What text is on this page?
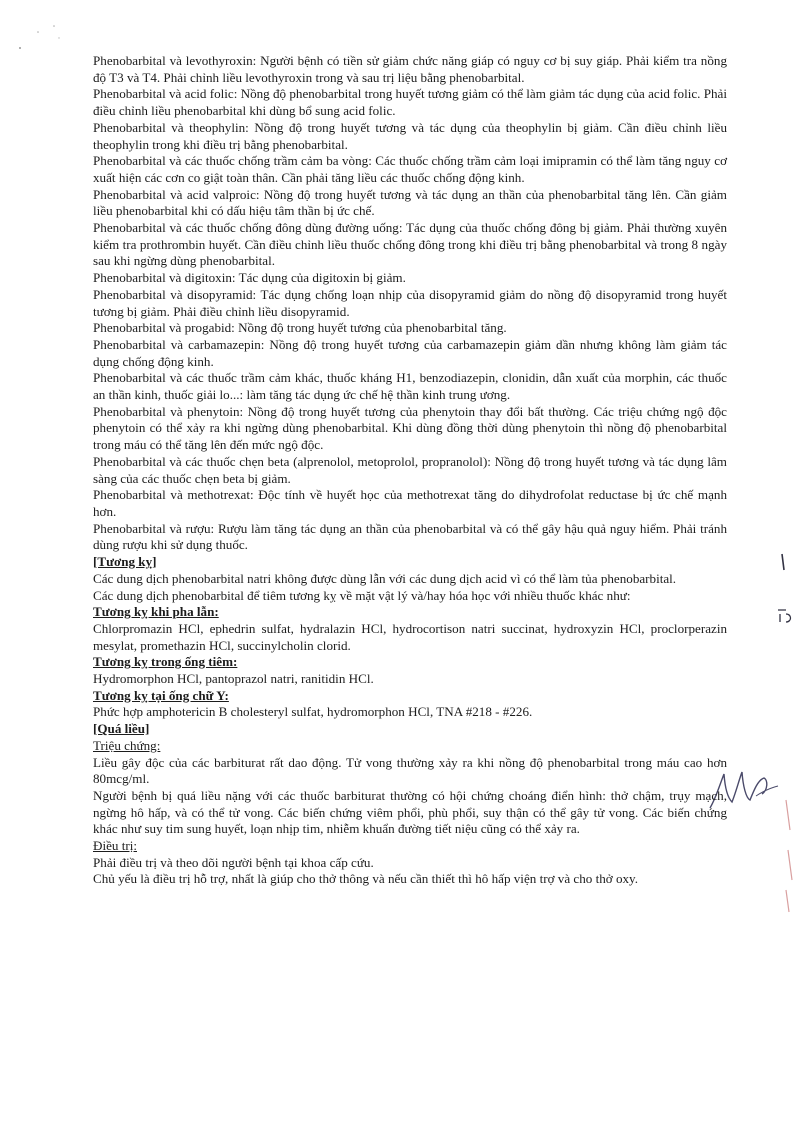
Phenobarbital và levothyroxin: Người bệnh có tiền sử giảm chức năng giáp có nguy cơ bị suy giáp. Phải kiểm tra nồng độ T3 và T4. Phải chỉnh liều levothyroxin trong và sau trị liệu bằng phenobarbital.

Phenobarbital và acid folic: Nồng độ phenobarbital trong huyết tương giảm có thể làm giảm tác dụng của acid folic. Phải điều chỉnh liều phenobarbital khi dùng bổ sung acid folic.

Phenobarbital và theophylin: Nồng độ trong huyết tương và tác dụng của theophylin bị giảm. Cần điều chỉnh liều theophylin trong khi điều trị bằng phenobarbital.

Phenobarbital và các thuốc chống trầm cảm ba vòng: Các thuốc chống trầm cảm loại imipramin có thể làm tăng nguy cơ xuất hiện các cơn co giật toàn thân. Cần phải tăng liều các thuốc chống động kinh.

Phenobarbital và acid valproic: Nồng độ trong huyết tương và tác dụng an thần của phenobarbital tăng lên. Cần giảm liều phenobarbital khi có dấu hiệu tâm thần bị ức chế.

Phenobarbital và các thuốc chống đông dùng đường uống: Tác dụng của thuốc chống đông bị giảm. Phải thường xuyên kiểm tra prothrombin huyết. Cần điều chỉnh liều thuốc chống đông trong khi điều trị bằng phenobarbital và trong 8 ngày sau khi ngừng dùng phenobarbital.

Phenobarbital và digitoxin: Tác dụng của digitoxin bị giảm.

Phenobarbital và disopyramid: Tác dụng chống loạn nhịp của disopyramid giảm do nồng độ disopyramid trong huyết tương bị giảm. Phải điều chỉnh liều disopyramid.

Phenobarbital và progabid: Nồng độ trong huyết tương của phenobarbital tăng.

Phenobarbital và carbamazepin: Nồng độ trong huyết tương của carbamazepin giảm dần nhưng không làm giảm tác dụng chống động kinh.

Phenobarbital và các thuốc trầm cảm khác, thuốc kháng H1, benzodiazepin, clonidin, dẫn xuất của morphin, các thuốc an thần kinh, thuốc giải lo...: làm tăng tác dụng ức chế hệ thần kinh trung ương.

Phenobarbital và phenytoin: Nồng độ trong huyết tương của phenytoin thay đổi bất thường. Các triệu chứng ngộ độc phenytoin có thể xảy ra khi ngừng dùng phenobarbital. Khi dùng đồng thời dùng phenytoin thì nồng độ phenobarbital trong máu có thể tăng lên đến mức ngộ độc.

Phenobarbital và các thuốc chẹn beta (alprenolol, metoprolol, propranolol): Nồng độ trong huyết tương và tác dụng lâm sàng của các thuốc chẹn beta bị giảm.

Phenobarbital và methotrexat: Độc tính về huyết học của methotrexat tăng do dihydrofolat reductase bị ức chế mạnh hơn.

Phenobarbital và rượu: Rượu làm tăng tác dụng an thần của phenobarbital và có thể gây hậu quả nguy hiểm. Phải tránh dùng rượu khi sử dụng thuốc.

[Tương kỵ]

Các dung dịch phenobarbital natri không được dùng lẫn với các dung dịch acid vì có thể làm tủa phenobarbital.

Các dung dịch phenobarbital để tiêm tương kỵ về mặt vật lý và/hay hóa học với nhiều thuốc khác như:

Tương kỵ khi pha lẫn:

Chlorpromazin HCl, ephedrin sulfat, hydralazin HCl, hydrocortison natri succinat, hydroxyzin HCl, proclorperazin mesylat, promethazin HCl, succinylcholin clorid.

Tương kỵ trong ống tiêm:

Hydromorphon HCl, pantoprazol natri, ranitidin HCl.

Tương kỵ tại ống chữ Y:

Phức hợp amphotericin B cholesteryl sulfat, hydromorphon HCl, TNA #218 - #226.

[Quá liều]

Triệu chứng:

Liều gây độc của các barbiturat rất dao động. Tử vong thường xảy ra khi nồng độ phenobarbital trong máu cao hơn 80mcg/ml.

Người bệnh bị quá liều nặng với các thuốc barbiturat thường có hội chứng choáng điển hình: thở chậm, trụy mạch, ngừng hô hấp, và có thể tử vong. Các biến chứng viêm phổi, phù phổi, suy thận có thể gây tử vong. Các biến chứng khác như suy tim sung huyết, loạn nhịp tim, nhiễm khuẩn đường tiết niệu cũng có thể xảy ra.

Điều trị:

Phải điều trị và theo dõi người bệnh tại khoa cấp cứu.

Chủ yếu là điều trị hỗ trợ, nhất là giúp cho thở thông và nếu cần thiết thì hô hấp viện trợ và cho thở oxy.
